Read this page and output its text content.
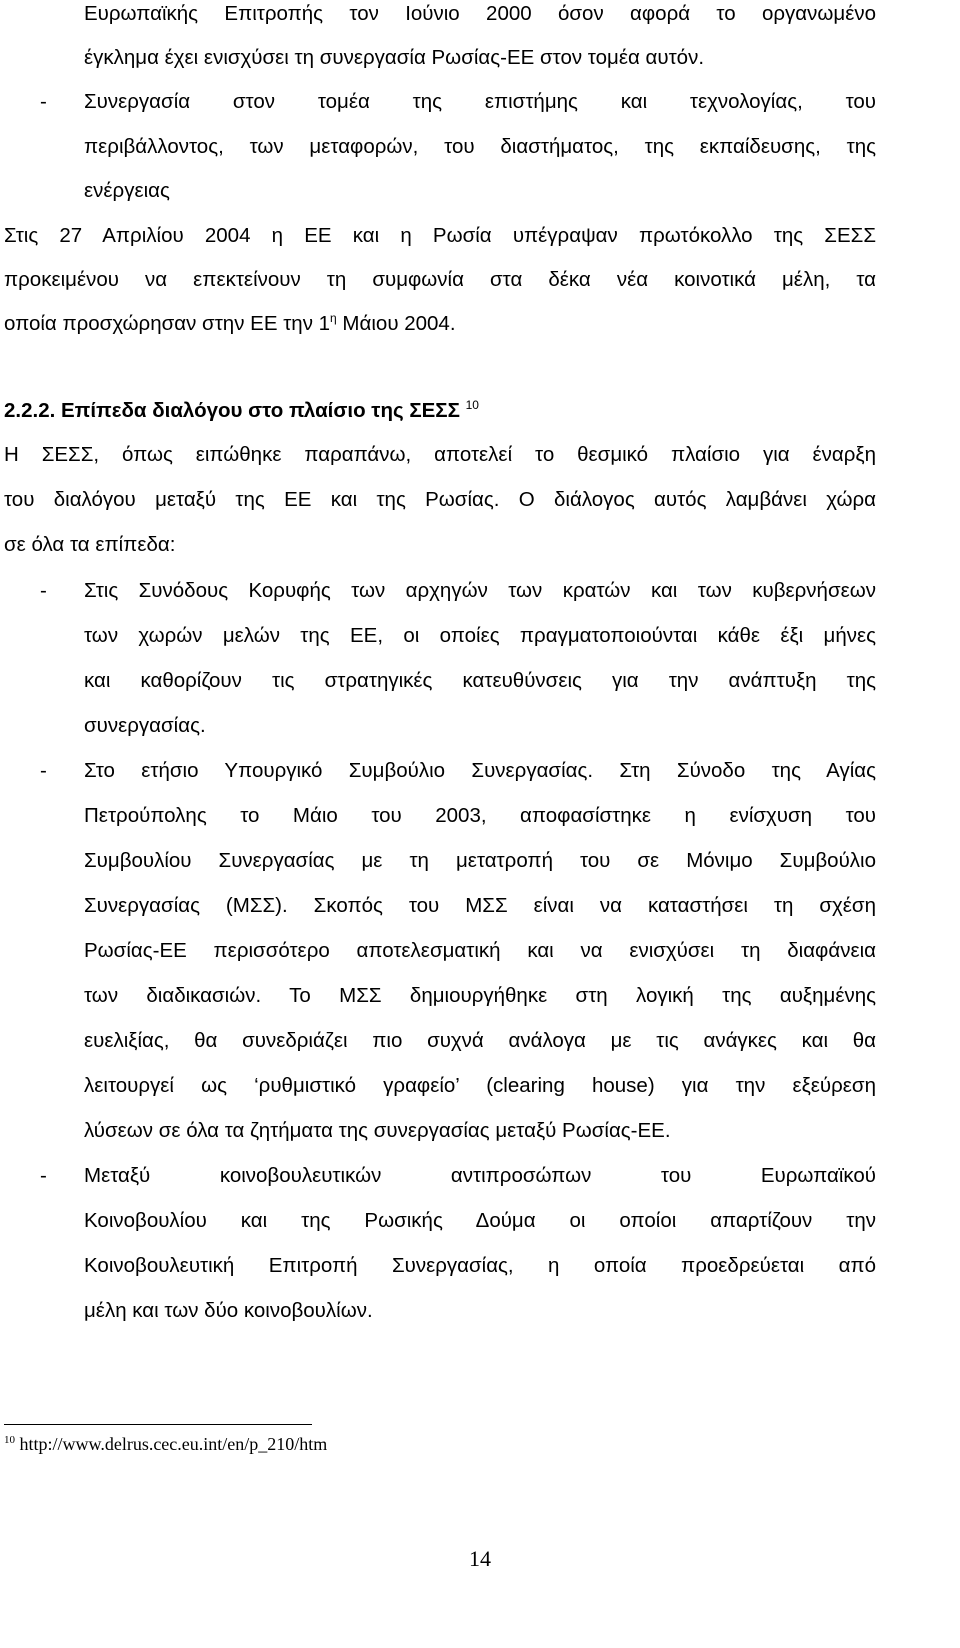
Ευρωπαϊκής Επιτροπής τον Ιούνιο 2000 όσον αφορά το οργανωμένο
έγκλημα έχει ενισχύσει τη συνεργασία Ρωσίας-ΕΕ στον τομέα αυτόν.
- Συνεργασία στον τομέα της επιστήμης και τεχνολογίας, του
περιβάλλοντος, των μεταφορών, του διαστήματος, της εκπαίδευσης, της
ενέργειας
Στις 27 Απριλίου 2004 η ΕΕ και η Ρωσία υπέγραψαν πρωτόκολλο της ΣΕΣΣ
προκειμένου να επεκτείνουν τη συμφωνία στα δέκα νέα κοινοτικά μέλη, τα
οποία προσχώρησαν στην ΕΕ την $1^\eta$ Μάιου 2004.
2.2.2. Επίπεδα διαλόγου στο πλαίσιο της ΣΕΣΣ $^{10}$
Η ΣΕΣΣ, όπως ειπώθηκε παραπάνω, αποτελεί το θεσμικό πλαίσιο για έναρξη
του διαλόγου μεταξύ της ΕΕ και της Ρωσίας. Ο διάλογος αυτός λαμβάνει χώρα
σε όλα τα επίπεδα:
- Στις Συνόδους Κορυφής των αρχηγών των κρατών και των κυβερνήσεων
των χωρών μελών της ΕΕ, οι οποίες πραγματοποιούνται κάθε έξι μήνες
και καθορίζουν τις στρατηγικές κατευθύνσεις για την ανάπτυξη της
συνεργασίας.
- Στο ετήσιο Υπουργικό Συμβούλιο Συνεργασίας. Στη Σύνοδο της Αγίας
Πετρούπολης το Μάιο του 2003, αποφασίστηκε η ενίσχυση του
Συμβουλίου Συνεργασίας με τη μετατροπή του σε Μόνιμο Συμβούλιο
Συνεργασίας (ΜΣΣ). Σκοπός του ΜΣΣ είναι να καταστήσει τη σχέση
Ρωσίας-ΕΕ περισσότερο αποτελεσματική και να ενισχύσει τη διαφάνεια
των διαδικασιών. Το ΜΣΣ δημιουργήθηκε στη λογική της αυξημένης
ευελιξίας, θα συνεδριάζει πιο συχνά ανάλογα με τις ανάγκες και θα
λειτουργεί ως ‘ρυθμιστικό γραφείο’ (clearing house) για την εξεύρεση
λύσεων σε όλα τα ζητήματα της συνεργασίας μεταξύ Ρωσίας-ΕΕ.
- Μεταξύ κοινοβουλευτικών αντιπροσώπων του Ευρωπαϊκού
Κοινοβουλίου και της Ρωσικής Δούμα οι οποίοι απαρτίζουν την
Κοινοβουλευτική Επιτροπή Συνεργασίας, η οποία προεδρεύεται από
μέλη και των δύο κοινοβουλίων.
$^{10}$ http://www.delrus.cec.eu.int/en/p_210/htm
14
